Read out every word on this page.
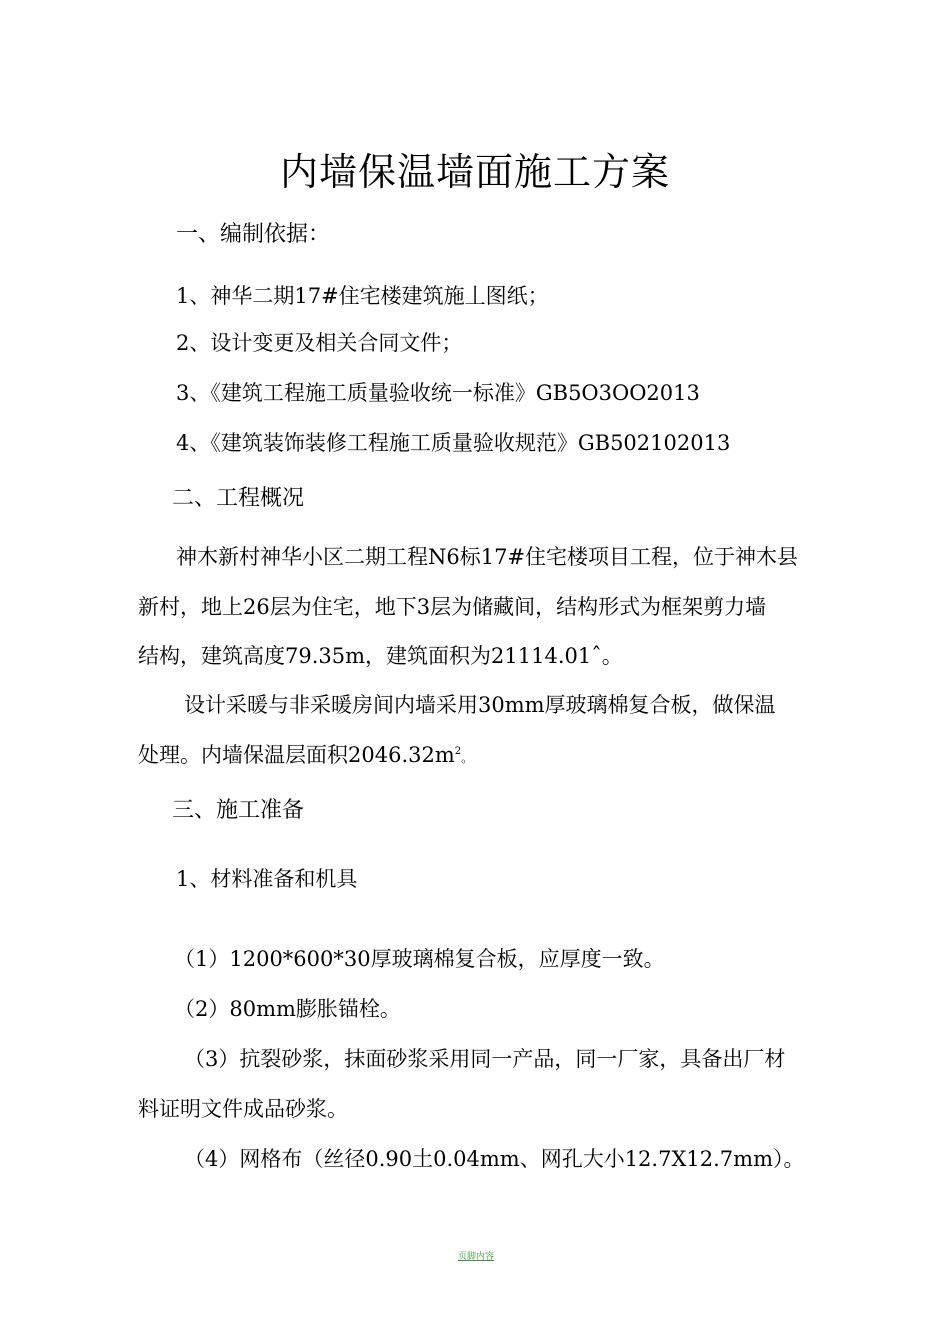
内墙保温墙面施工方案
一、编制依据：
1、神华二期17#住宅楼建筑施丄图纸；
2、设计变更及相关合同文件；
3、《建筑工程施工质量验收统一标准》GB5O3OO2013
4、《建筑装饰装修工程施工质量验收规范》GB502102013
二、工程概况
神木新村神华小区二期工程N6标17#住宅楼项目工程，位于神木县
新村，地上26层为住宅，地下3层为储藏间，结构形式为框架剪力墙
结构，建筑高度79.35m，建筑面积为21114.01ˆ。
设计采暖与非采暖房间内墙采用30mm厚玻璃棉复合板，做保温
处理。内墙保温层面积$2046.32m^2$。
三、施工准备
1、材料准备和机具
（1）1200*600*30厚玻璃棉复合板，应厚度一致。
（2）80mm膨胀锚栓。
（3）抗裂砂浆，抹面砂浆采用同一产品，同一厂家，具备出厂材
料证明文件成品砂浆。
（4）网格布（丝径0.90土0.04mm、网孔大小12.7X12.7mm）。
页脚内容
